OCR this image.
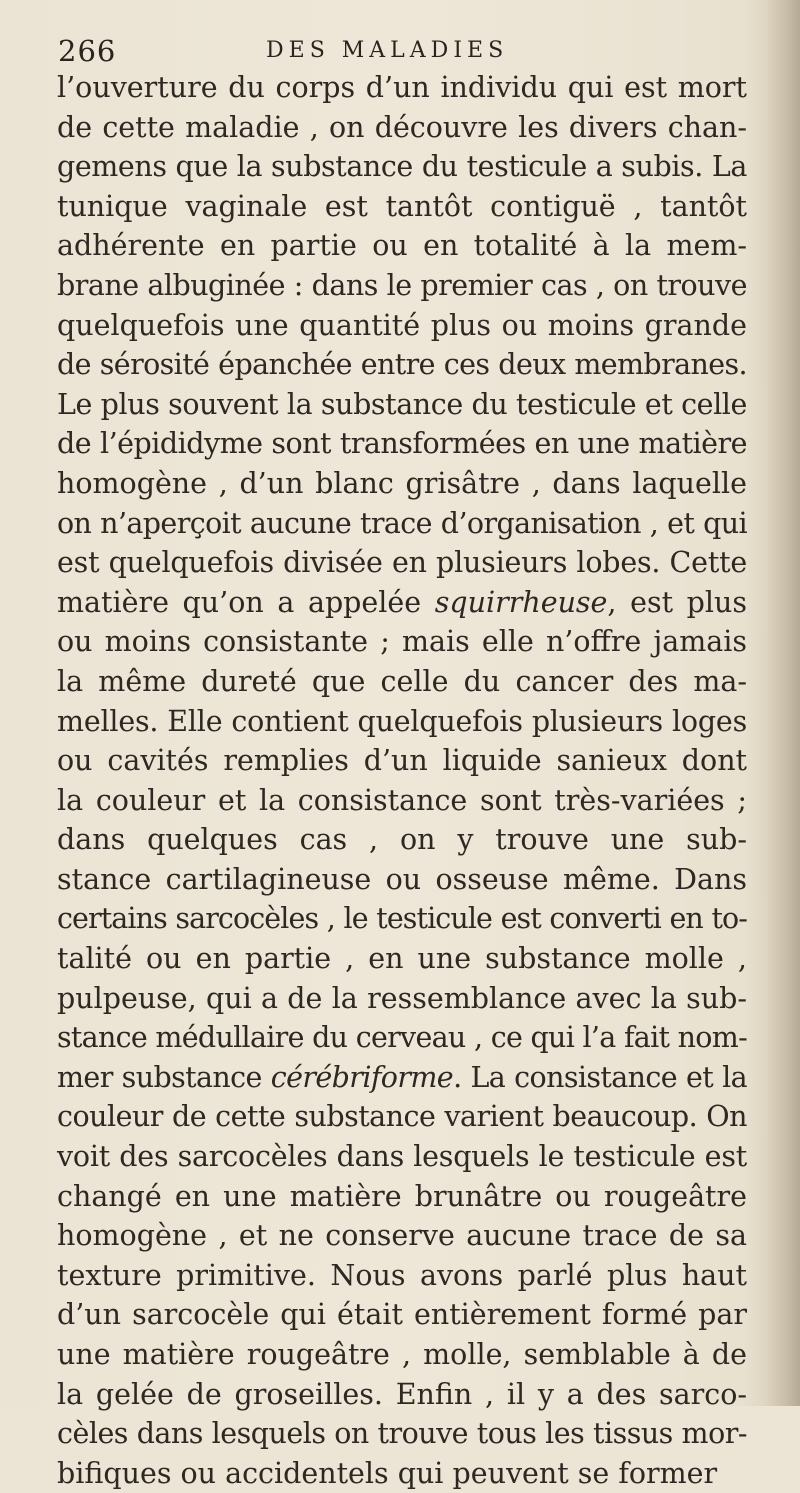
266	DES MALADIES
l’ouverture du corps d’un individu qui est mort
de cette maladie , on découvre les divers chan-
gemens que la substance du testicule a subis. La
tunique vaginale est tantôt contiguë , tantôt
adhérente en partie ou en totalité à la mem-
brane albuginée : dans le premier cas , on trouve
quelquefois une quantité plus ou moins grande
de sérosité épanchée entre ces deux membranes.
Le plus souvent la substance du testicule et celle
de l’épididyme sont transformées en une matière
homogène , d’un blanc grisâtre , dans laquelle
on n’aperçoit aucune trace d’organisation , et qui
est quelquefois divisée en plusieurs lobes. Cette
matière qu’on a appelée squirrheuse, est plus
ou moins consistante ; mais elle n’offre jamais
la même dureté que celle du cancer des ma-
melles. Elle contient quelquefois plusieurs loges
ou cavités remplies d’un liquide sanieux dont
la couleur et la consistance sont très-variées ;
dans quelques cas , on y trouve une sub-
stance cartilagineuse ou osseuse même. Dans
certains sarcocèles , le testicule est converti en to-
talité ou en partie , en une substance molle ,
pulpeuse, qui a de la ressemblance avec la sub-
stance médullaire du cerveau , ce qui l’a fait nom-
mer substance cérébriforme. La consistance et la
couleur de cette substance varient beaucoup. On
voit des sarcocèles dans lesquels le testicule est
changé en une matière brunâtre ou rougeâtre
homogène , et ne conserve aucune trace de sa
texture primitive. Nous avons parlé plus haut
d’un sarcocèle qui était entièrement formé par
une matière rougeâtre , molle, semblable à de
la gelée de groseilles. Enfin , il y a des sarco-
cèles dans lesquels on trouve tous les tissus mor-
bifiques ou accidentels qui peuvent se former
